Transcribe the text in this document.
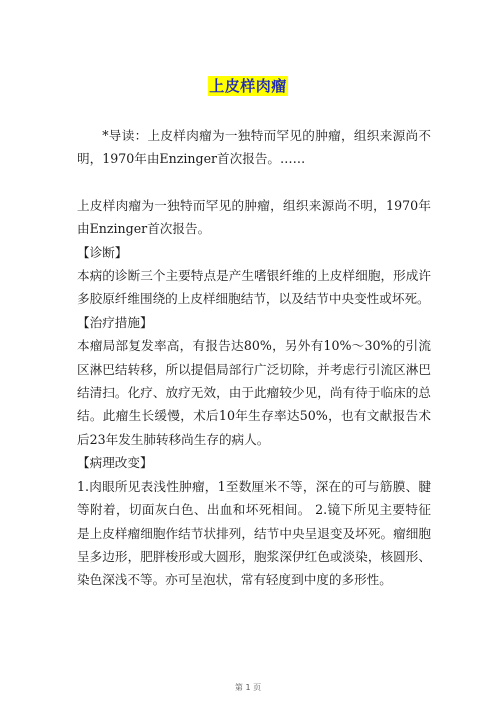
上皮样肉瘤

*导读：上皮样肉瘤为一独特而罕见的肿瘤，组织来源尚不明，1970年由Enzinger首次报告。……

上皮样肉瘤为一独特而罕见的肿瘤，组织来源尚不明，1970年由Enzinger首次报告。

【诊断】

本病的诊断三个主要特点是产生嗜银纤维的上皮样细胞，形成许多胶原纤维围绕的上皮样细胞结节，以及结节中央变性或坏死。

【治疗措施】

本瘤局部复发率高，有报告达80%，另外有10%～30%的引流区淋巴结转移，所以提倡局部行广泛切除，并考虑行引流区淋巴结清扫。化疗、放疗无效，由于此瘤较少见，尚有待于临床的总结。此瘤生长缓慢，术后10年生存率达50%，也有文献报告术后23年发生肺转移尚生存的病人。

【病理改变】

1.肉眼所见表浅性肿瘤，1至数厘米不等，深在的可与筋膜、腱等附着，切面灰白色、出血和坏死相间。 2.镜下所见主要特征是上皮样瘤细胞作结节状排列，结节中央呈退变及坏死。瘤细胞呈多边形，肥胖梭形或大圆形，胞浆深伊红色或淡染，核圆形、染色深浅不等。亦可呈泡状，常有轻度到中度的多形性。

第 1 页
